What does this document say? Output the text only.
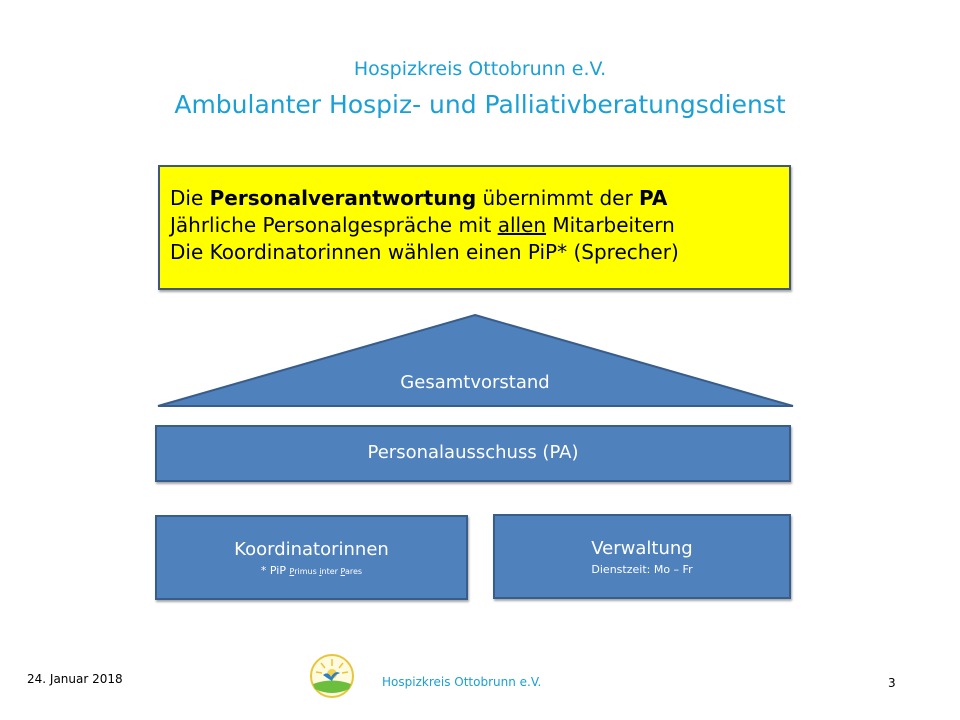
Hospizkreis Ottobrunn e.V.
Ambulanter Hospiz- und Palliativberatungsdienst
Die Personalverantwortung übernimmt der PA
Jährliche Personalgespräche mit allen Mitarbeitern
Die Koordinatorinnen wählen einen PiP* (Sprecher)
Gesamtvorstand
Personalausschuss (PA)
Koordinatorinnen
* PiP Primus inter Pares
Verwaltung
Dienstzeit: Mo – Fr
24. Januar 2018	Hospizkreis Ottobrunn e.V.	3
